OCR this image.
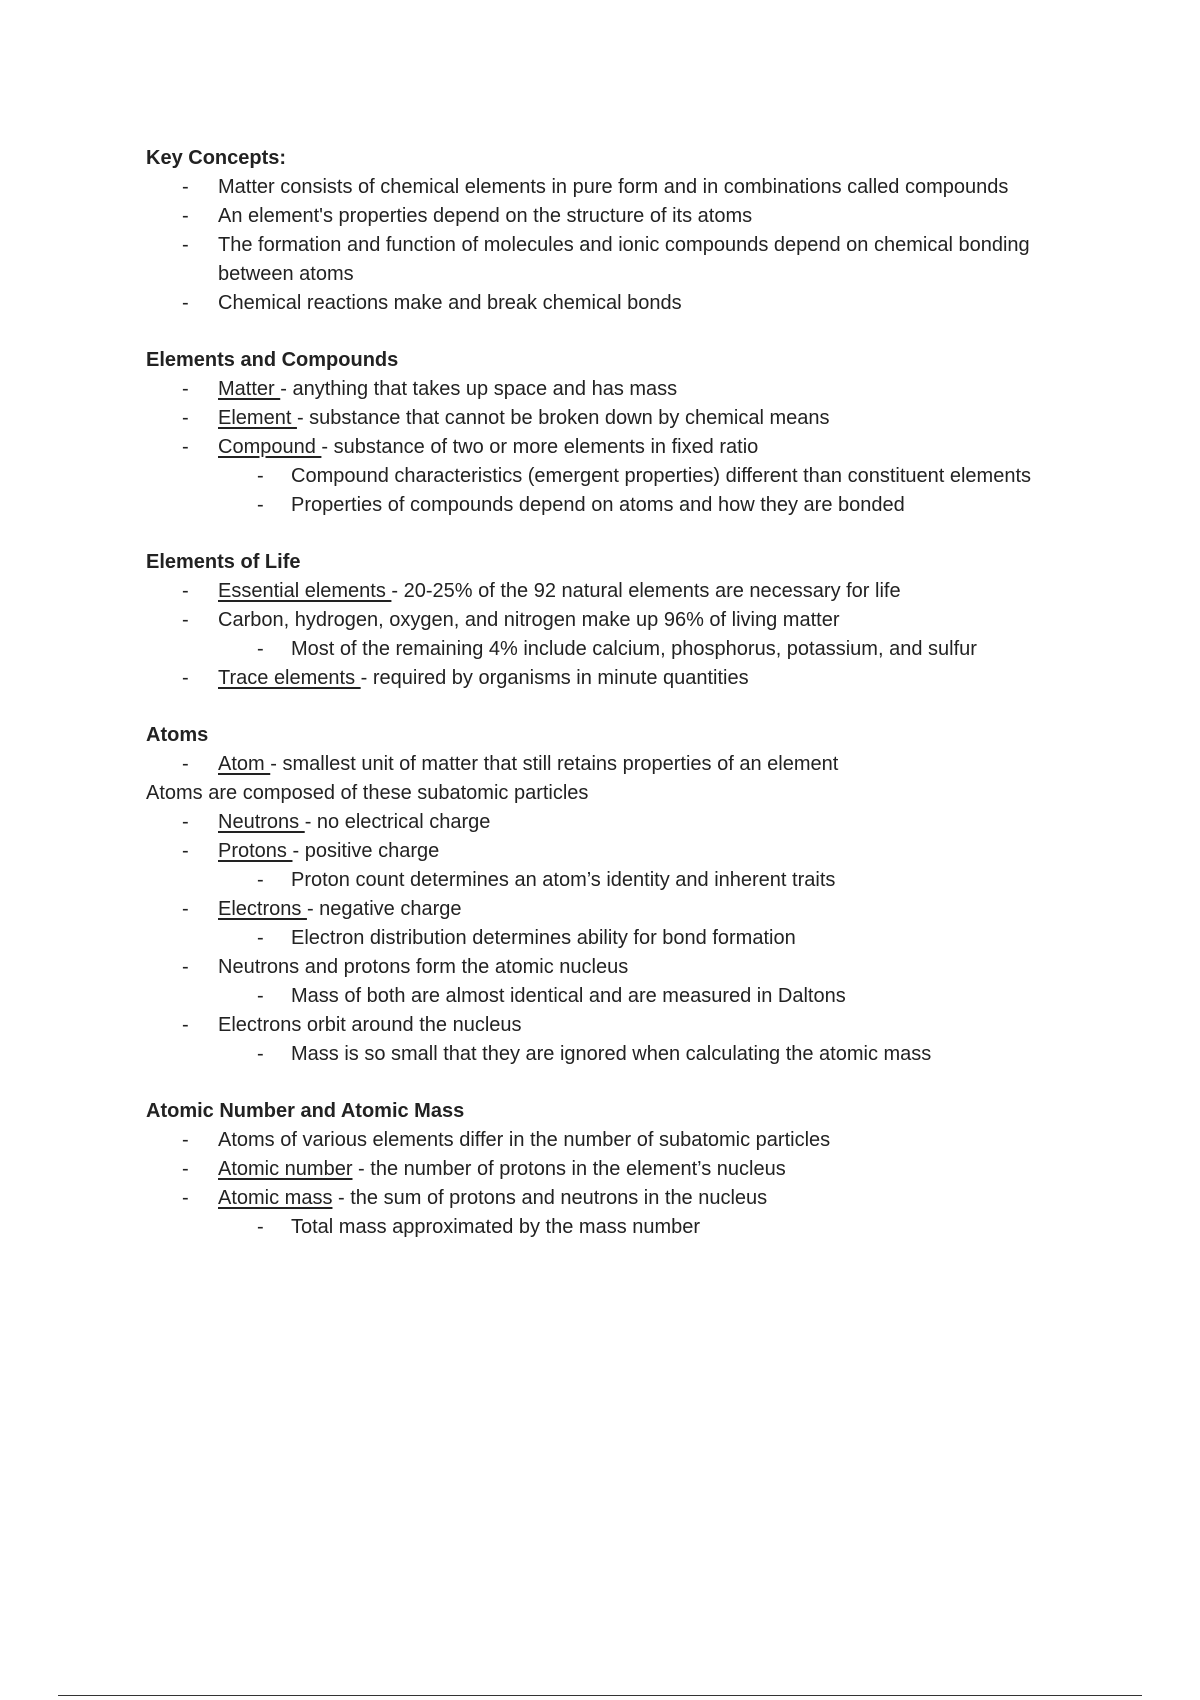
Key Concepts:
- Matter consists of chemical elements in pure form and in combinations called compounds
- An element's properties depend on the structure of its atoms
- The formation and function of molecules and ionic compounds depend on chemical bonding between atoms
- Chemical reactions make and break chemical bonds
Elements and Compounds
- Matter - anything that takes up space and has mass
- Element - substance that cannot be broken down by chemical means
- Compound - substance of two or more elements in fixed ratio
- Compound characteristics (emergent properties) different than constituent elements
- Properties of compounds depend on atoms and how they are bonded
Elements of Life
- Essential elements - 20-25% of the 92 natural elements are necessary for life
- Carbon, hydrogen, oxygen, and nitrogen make up 96% of living matter
- Most of the remaining 4% include calcium, phosphorus, potassium, and sulfur
- Trace elements - required by organisms in minute quantities
Atoms
- Atom - smallest unit of matter that still retains properties of an element
Atoms are composed of these subatomic particles
- Neutrons - no electrical charge
- Protons - positive charge
- Proton count determines an atom’s identity and inherent traits
- Electrons - negative charge
- Electron distribution determines ability for bond formation
- Neutrons and protons form the atomic nucleus
- Mass of both are almost identical and are measured in Daltons
- Electrons orbit around the nucleus
- Mass is so small that they are ignored when calculating the atomic mass
Atomic Number and Atomic Mass
- Atoms of various elements differ in the number of subatomic particles
- Atomic number - the number of protons in the element’s nucleus
- Atomic mass - the sum of protons and neutrons in the nucleus
- Total mass approximated by the mass number
